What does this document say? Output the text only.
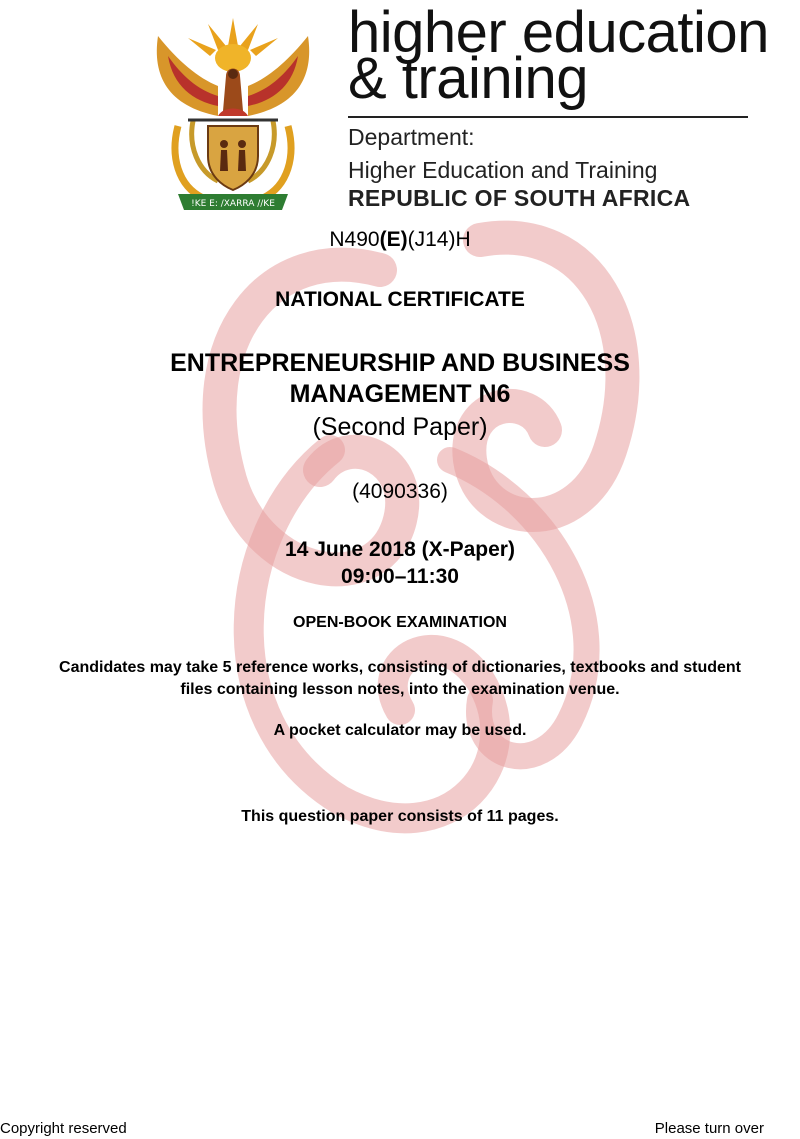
!KE E: /XARRA //KE
higher education
& training
Department:
Higher Education and Training
REPUBLIC OF SOUTH AFRICA
N490(E)(J14)H
NATIONAL CERTIFICATE
ENTREPRENEURSHIP AND BUSINESS
MANAGEMENT N6
(Second Paper)
(4090336)
14 June 2018 (X-Paper)
09:00–11:30
OPEN-BOOK EXAMINATION
Candidates may take 5 reference works, consisting of dictionaries, textbooks and student
files containing lesson notes, into the examination venue.
A pocket calculator may be used.
This question paper consists of 11 pages.
Copyright reserved	Please turn over
